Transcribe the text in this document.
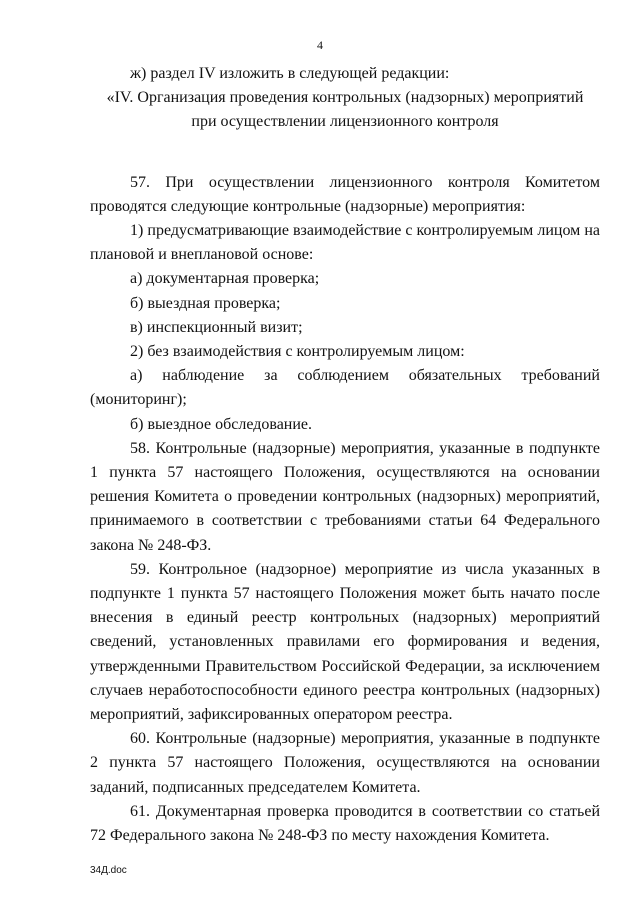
4

ж) раздел IV изложить в следующей редакции:

«IV. Организация проведения контрольных (надзорных) мероприятий

при осуществлении лицензионного контроля

57. При осуществлении лицензионного контроля Комитетом проводятся следующие контрольные (надзорные) мероприятия:

1) предусматривающие взаимодействие с контролируемым лицом на плановой и внеплановой основе:

а) документарная проверка;

б) выездная проверка;

в) инспекционный визит;

2) без взаимодействия с контролируемым лицом:

а) наблюдение за соблюдением обязательных требований (мониторинг);

б) выездное обследование.

58. Контрольные (надзорные) мероприятия, указанные в подпункте 1 пункта 57 настоящего Положения, осуществляются на основании решения Комитета о проведении контрольных (надзорных) мероприятий, принимаемого в соответствии с требованиями статьи 64 Федерального закона № 248-ФЗ.

59. Контрольное (надзорное) мероприятие из числа указанных в подпункте 1 пункта 57 настоящего Положения может быть начато после внесения в единый реестр контрольных (надзорных) мероприятий сведений, установленных правилами его формирования и ведения, утвержденными Правительством Российской Федерации, за исключением случаев неработоспособности единого реестра контрольных (надзорных) мероприятий, зафиксированных оператором реестра.

60. Контрольные (надзорные) мероприятия, указанные в подпункте 2 пункта 57 настоящего Положения, осуществляются на основании заданий, подписанных председателем Комитета.

61. Документарная проверка проводится в соответствии со статьей 72 Федерального закона № 248-ФЗ по месту нахождения Комитета.

34Д.doc
